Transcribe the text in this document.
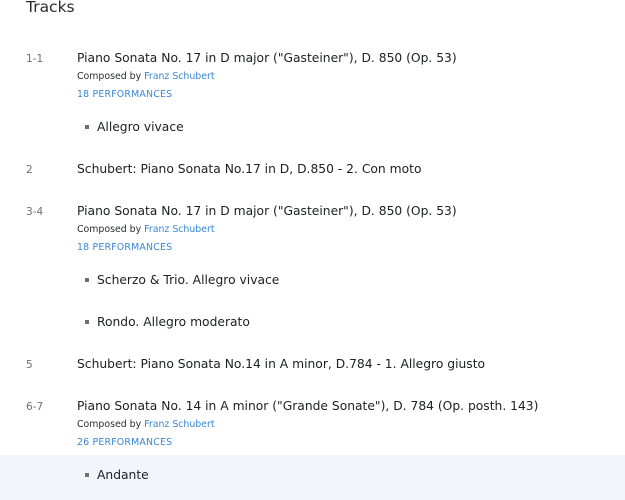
Tracks
1-1	Piano Sonata No. 17 in D major ("Gasteiner"), D. 850 (Op. 53)
Composed by Franz Schubert
18 PERFORMANCES
Allegro vivace
2	Schubert: Piano Sonata No.17 in D, D.850 - 2. Con moto
3-4	Piano Sonata No. 17 in D major ("Gasteiner"), D. 850 (Op. 53)
Composed by Franz Schubert
18 PERFORMANCES
Scherzo & Trio. Allegro vivace
Rondo. Allegro moderato
5	Schubert: Piano Sonata No.14 in A minor, D.784 - 1. Allegro giusto
6-7	Piano Sonata No. 14 in A minor ("Grande Sonate"), D. 784 (Op. posth. 143)
Composed by Franz Schubert
26 PERFORMANCES
Andante
